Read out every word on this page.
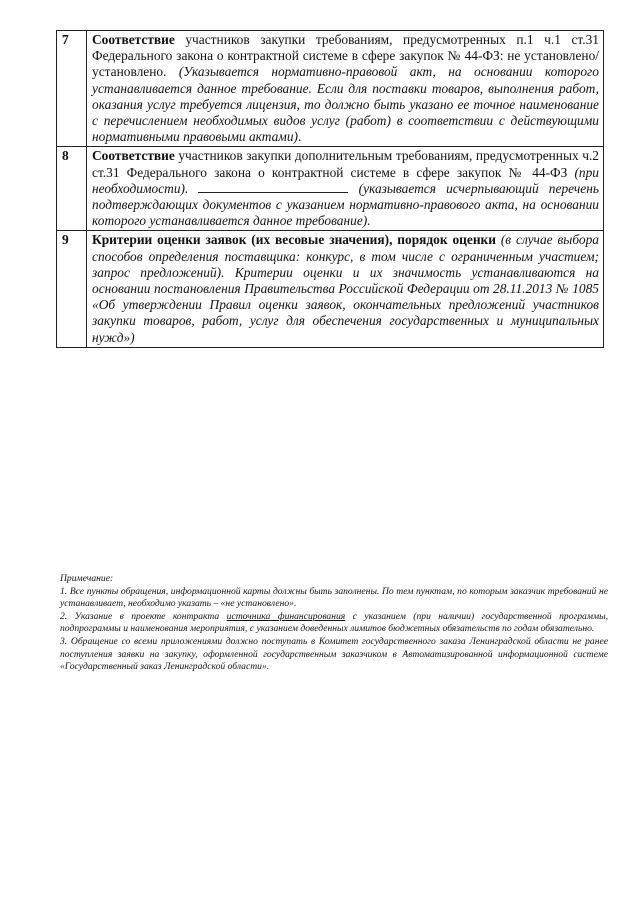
7	Соответствие участников закупки требованиям, предусмотренных п.1 ч.1 ст.31 Федерального закона о контрактной системе в сфере закупок № 44-ФЗ: не установлено/ установлено. (Указывается нормативно-правовой акт, на основании которого устанавливается данное требование. Если для поставки товаров, выполнения работ, оказания услуг требуется лицензия, то должно быть указано ее точное наименование с перечислением необходимых видов услуг (работ) в соответствии с действующими нормативными правовыми актами).
8	Соответствие участников закупки дополнительным требованиям, предусмотренных ч.2 ст.31 Федерального закона о контрактной системе в сфере закупок № 44-ФЗ (при необходимости). (указывается исчерпывающий перечень подтверждающих документов с указанием нормативно-правового акта, на основании которого устанавливается данное требование).
9	Критерии оценки заявок (их весовые значения), порядок оценки (в случае выбора способов определения поставщика: конкурс, в том числе с ограниченным участием; запрос предложений). Критерии оценки и их значимость устанавливаются на основании постановления Правительства Российской Федерации от 28.11.2013 № 1085 «Об утверждении Правил оценки заявок, окончательных предложений участников закупки товаров, работ, услуг для обеспечения государственных и муниципальных нужд»)

Примечание:

1. Все пункты обращения, информационной карты должны быть заполнены. По тем пунктам, по которым заказчик требований не устанавливает, необходимо указать – «не установлено».

2. Указание в проекте контракта источника финансирования с указанием (при наличии) государственной программы, подпрограммы и наименования мероприятия, с указанием доведенных лимитов бюджетных обязательств по годам обязательно.

3. Обращение со всеми приложениями должно поступать в Комитет государственного заказа Ленинградской области не ранее поступления заявки на закупку, оформленной государственным заказчиком в Автоматизированной информационной системе «Государственный заказ Ленинградской области».
